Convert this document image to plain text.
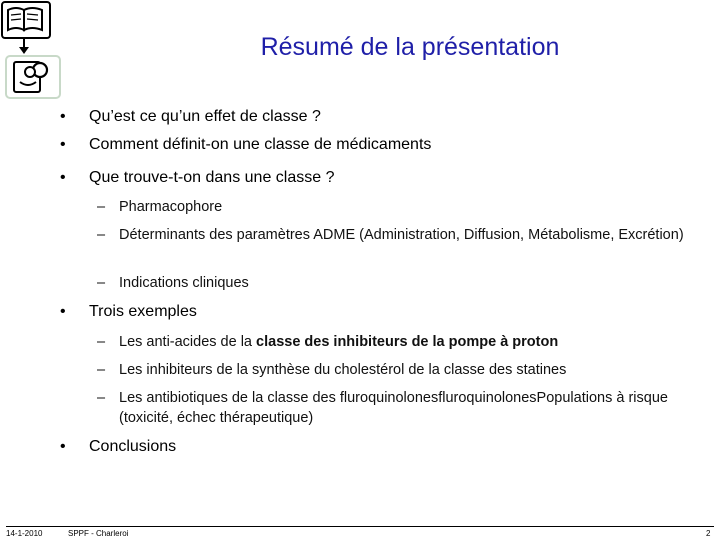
Résumé de la présentation
•	Qu’est ce qu’un effet de classe ?
•	Comment définit-on une classe de médicaments
•	Que trouve-t-on dans une classe ?
– Pharmacophore
– Déterminants des paramètres ADME (Administration, Diffusion, Métabolisme, Excrétion)
– Indications cliniques
•	Trois exemples
– Les anti-acides de la classe des inhibiteurs de la pompe à proton
– Les inhibiteurs de la synthèse du cholestérol de la classe des statines
– Les antibiotiques de la classe des fluroquinolonesfluroquinolonesPopulations à risque (toxicité, échec thérapeutique)
•	Conclusions
14-1-2010	SPPF - Charleroi	2
